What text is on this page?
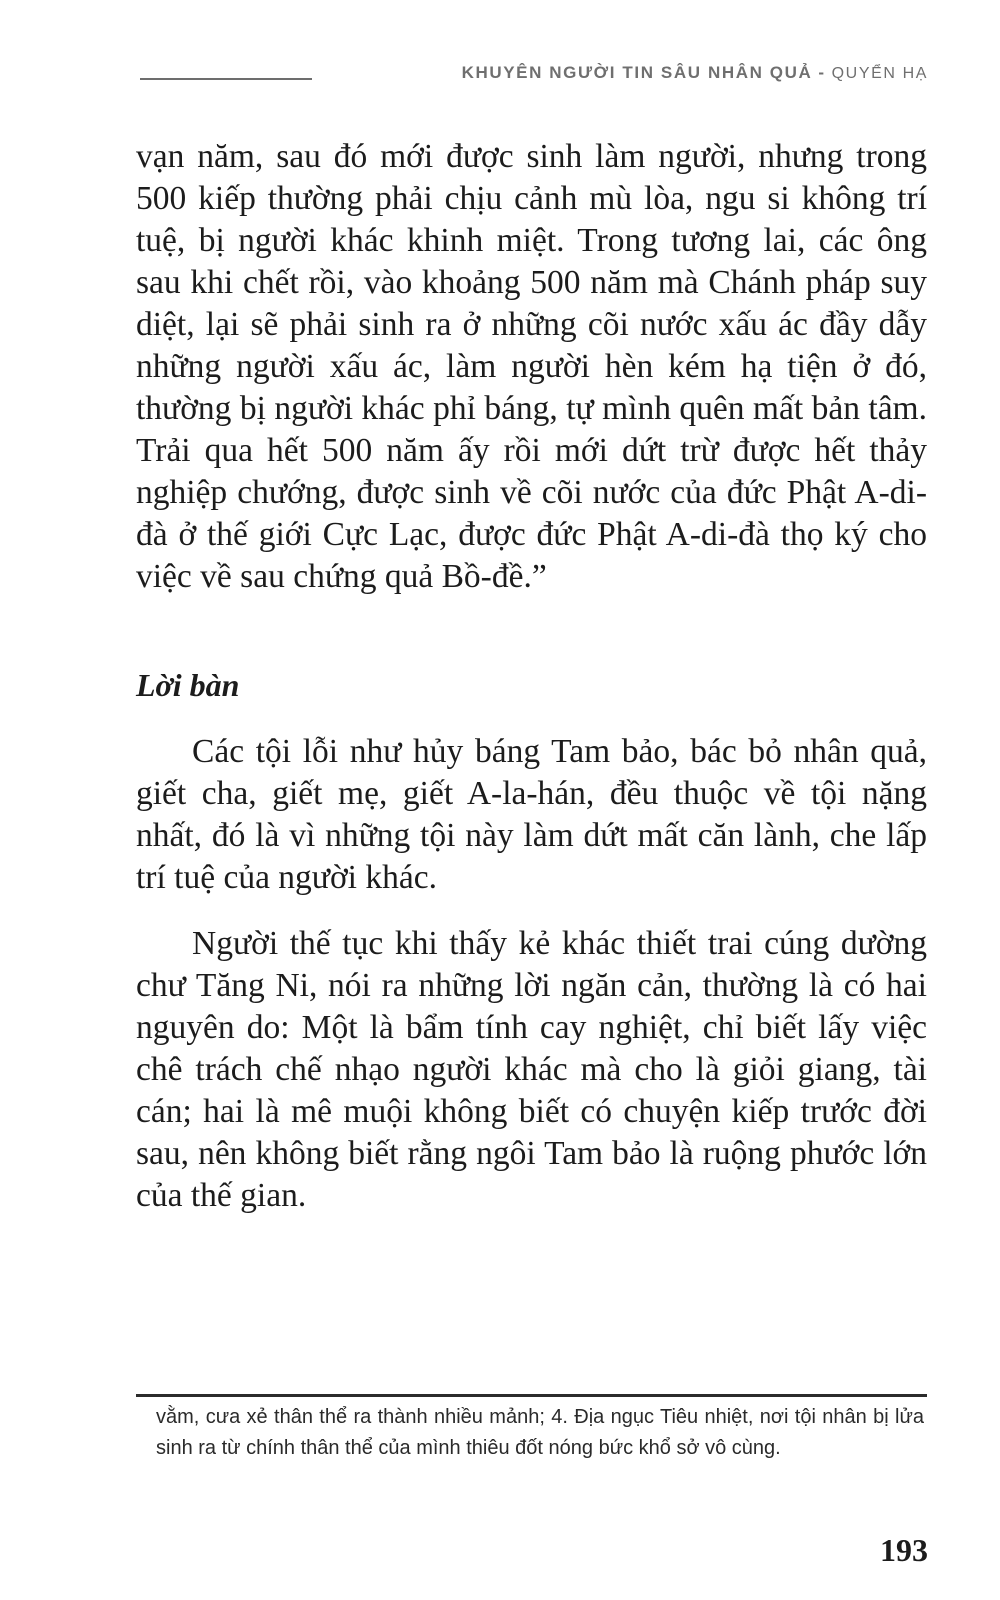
KHUYÊN NGƯỜI TIN SÂU NHÂN QUẢ - QUYỂN HẠ

vạn năm, sau đó mới được sinh làm người, nhưng trong 500 kiếp thường phải chịu cảnh mù lòa, ngu si không trí tuệ, bị người khác khinh miệt. Trong tương lai, các ông sau khi chết rồi, vào khoảng 500 năm mà Chánh pháp suy diệt, lại sẽ phải sinh ra ở những cõi nước xấu ác đầy dẫy những người xấu ác, làm người hèn kém hạ tiện ở đó, thường bị người khác phỉ báng, tự mình quên mất bản tâm. Trải qua hết 500 năm ấy rồi mới dứt trừ được hết thảy nghiệp chướng, được sinh về cõi nước của đức Phật A-di-đà ở thế giới Cực Lạc, được đức Phật A-di-đà thọ ký cho việc về sau chứng quả Bồ-đề.”

Lời bàn

Các tội lỗi như hủy báng Tam bảo, bác bỏ nhân quả, giết cha, giết mẹ, giết A-la-hán, đều thuộc về tội nặng nhất, đó là vì những tội này làm dứt mất căn lành, che lấp trí tuệ của người khác.

Người thế tục khi thấy kẻ khác thiết trai cúng dường chư Tăng Ni, nói ra những lời ngăn cản, thường là có hai nguyên do: Một là bẩm tính cay nghiệt, chỉ biết lấy việc chê trách chế nhạo người khác mà cho là giỏi giang, tài cán; hai là mê muội không biết có chuyện kiếp trước đời sau, nên không biết rằng ngôi Tam bảo là ruộng phước lớn của thế gian.

vằm, cưa xẻ thân thể ra thành nhiều mảnh; 4. Địa ngục Tiêu nhiệt, nơi tội nhân bị lửa sinh ra từ chính thân thể của mình thiêu đốt nóng bức khổ sở vô cùng.

193
